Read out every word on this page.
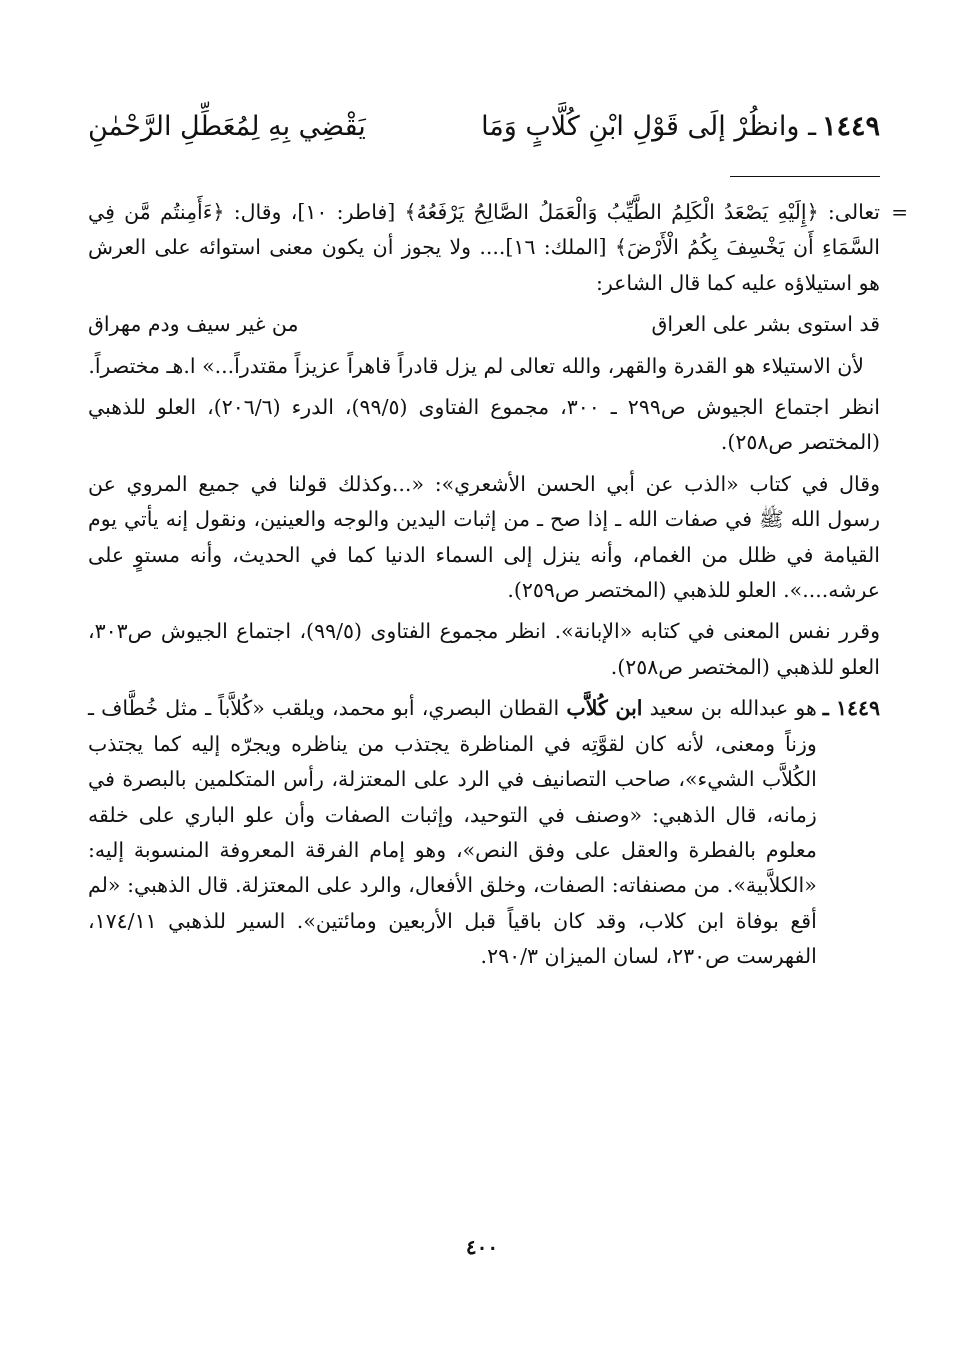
١٤٤٩ـ وانظُرْ إلَى قَوْلِ ابْنِ كُلَّابٍ وَمَا
يَقْضِي بِهِ لِمُعَطِّلِ الرَّحْمٰنِ

=
تعالى: ﴿إِلَيْهِ يَصْعَدُ الْكَلِمُ الطَّيِّبُ وَالْعَمَلُ الصَّالِحُ يَرْفَعُهُ﴾ [فاطر: ١٠]، وقال: ﴿ءَأَمِنتُم مَّن فِي السَّمَاءِ أَن يَخْسِفَ بِكُمُ الْأَرْضَ﴾ [الملك: ١٦].... ولا يجوز أن يكون معنى استوائه على العرش هو استيلاؤه عليه كما قال الشاعر:

قد استوى بشر على العراق
من غير سيف ودم مهراق

لأن الاستيلاء هو القدرة والقهر، والله تعالى لم يزل قادراً قاهراً عزيزاً مقتدراً...» ا.هـ مختصراً.

انظر اجتماع الجيوش ص٢٩٩ ـ ٣٠٠، مجموع الفتاوى (٩٩/٥)، الدرء (٢٠٦/٦)، العلو للذهبي (المختصر ص٢٥٨).

وقال في كتاب «الذب عن أبي الحسن الأشعري»: «...وكذلك قولنا في جميع المروي عن رسول الله ﷺ في صفات الله ـ إذا صح ـ من إثبات اليدين والوجه والعينين، ونقول إنه يأتي يوم القيامة في ظلل من الغمام، وأنه ينزل إلى السماء الدنيا كما في الحديث، وأنه مستوٍ على عرشه....». العلو للذهبي (المختصر ص٢٥٩).

وقرر نفس المعنى في كتابه «الإبانة». انظر مجموع الفتاوى (٩٩/٥)، اجتماع الجيوش ص٣٠٣، العلو للذهبي (المختصر ص٢٥٨).

١٤٤٩ ـ
هو عبدالله بن سعيد ابن كُلاَّب القطان البصري، أبو محمد، ويلقب «كُلاَّباً ـ مثل خُطَّاف ـ وزناً ومعنى، لأنه كان لقوَّتِه في المناظرة يجتذب من يناظره ويجرّه إليه كما يجتذب الكُلاَّب الشيء»، صاحب التصانيف في الرد على المعتزلة، رأس المتكلمين بالبصرة في زمانه، قال الذهبي: «وصنف في التوحيد، وإثبات الصفات وأن علو الباري على خلقه معلوم بالفطرة والعقل على وفق النص»، وهو إمام الفرقة المعروفة المنسوبة إليه: «الكلاَّبية». من مصنفاته: الصفات، وخلق الأفعال، والرد على المعتزلة. قال الذهبي: «لم أقع بوفاة ابن كلاب، وقد كان باقياً قبل الأربعين ومائتين». السير للذهبي ١٧٤/١١، الفهرست ص٢٣٠، لسان الميزان ٢٩٠/٣.
٤٠٠
